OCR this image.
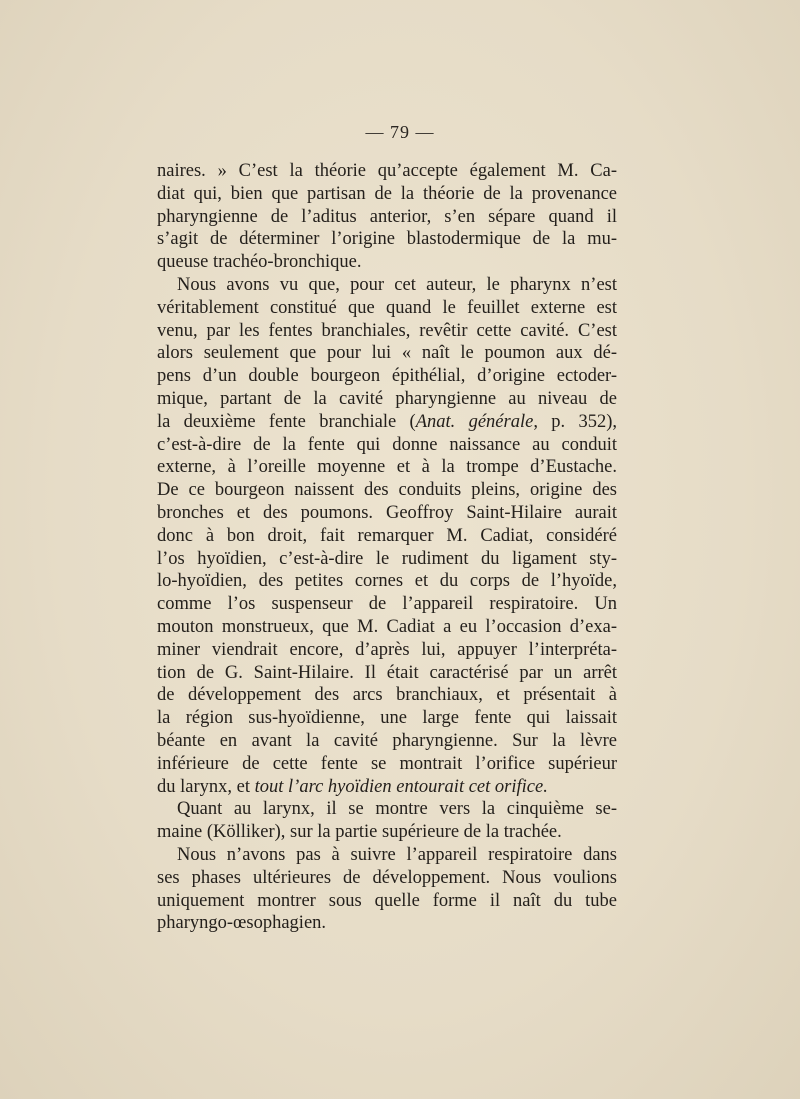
— 79 —
naires. » C’est la théorie qu’accepte également M. Ca-
diat qui, bien que partisan de la théorie de la provenance
pharyngienne de l’aditus anterior, s’en sépare quand il
s’agit de déterminer l’origine blastodermique de la mu-
queuse trachéo-bronchique.
Nous avons vu que, pour cet auteur, le pharynx n’est
véritablement constitué que quand le feuillet externe est
venu, par les fentes branchiales, revêtir cette cavité. C’est
alors seulement que pour lui « naît le poumon aux dé-
pens d’un double bourgeon épithélial, d’origine ectoder-
mique, partant de la cavité pharyngienne au niveau de
la deuxième fente branchiale (Anat. générale, p. 352),
c’est-à-dire de la fente qui donne naissance au conduit
externe, à l’oreille moyenne et à la trompe d’Eustache.
De ce bourgeon naissent des conduits pleins, origine des
bronches et des poumons. Geoffroy Saint-Hilaire aurait
donc à bon droit, fait remarquer M. Cadiat, considéré
l’os hyoïdien, c’est-à-dire le rudiment du ligament sty-
lo-hyoïdien, des petites cornes et du corps de l’hyoïde,
comme l’os suspenseur de l’appareil respiratoire. Un
mouton monstrueux, que M. Cadiat a eu l’occasion d’exa-
miner viendrait encore, d’après lui, appuyer l’interpréta-
tion de G. Saint-Hilaire. Il était caractérisé par un arrêt
de développement des arcs branchiaux, et présentait à
la région sus-hyoïdienne, une large fente qui laissait
béante en avant la cavité pharyngienne. Sur la lèvre
inférieure de cette fente se montrait l’orifice supérieur
du larynx, et tout l’arc hyoïdien entourait cet orifice.
Quant au larynx, il se montre vers la cinquième se-
maine (Kölliker), sur la partie supérieure de la trachée.
Nous n’avons pas à suivre l’appareil respiratoire dans
ses phases ultérieures de développement. Nous voulions
uniquement montrer sous quelle forme il naît du tube
pharyngo-œsophagien.
